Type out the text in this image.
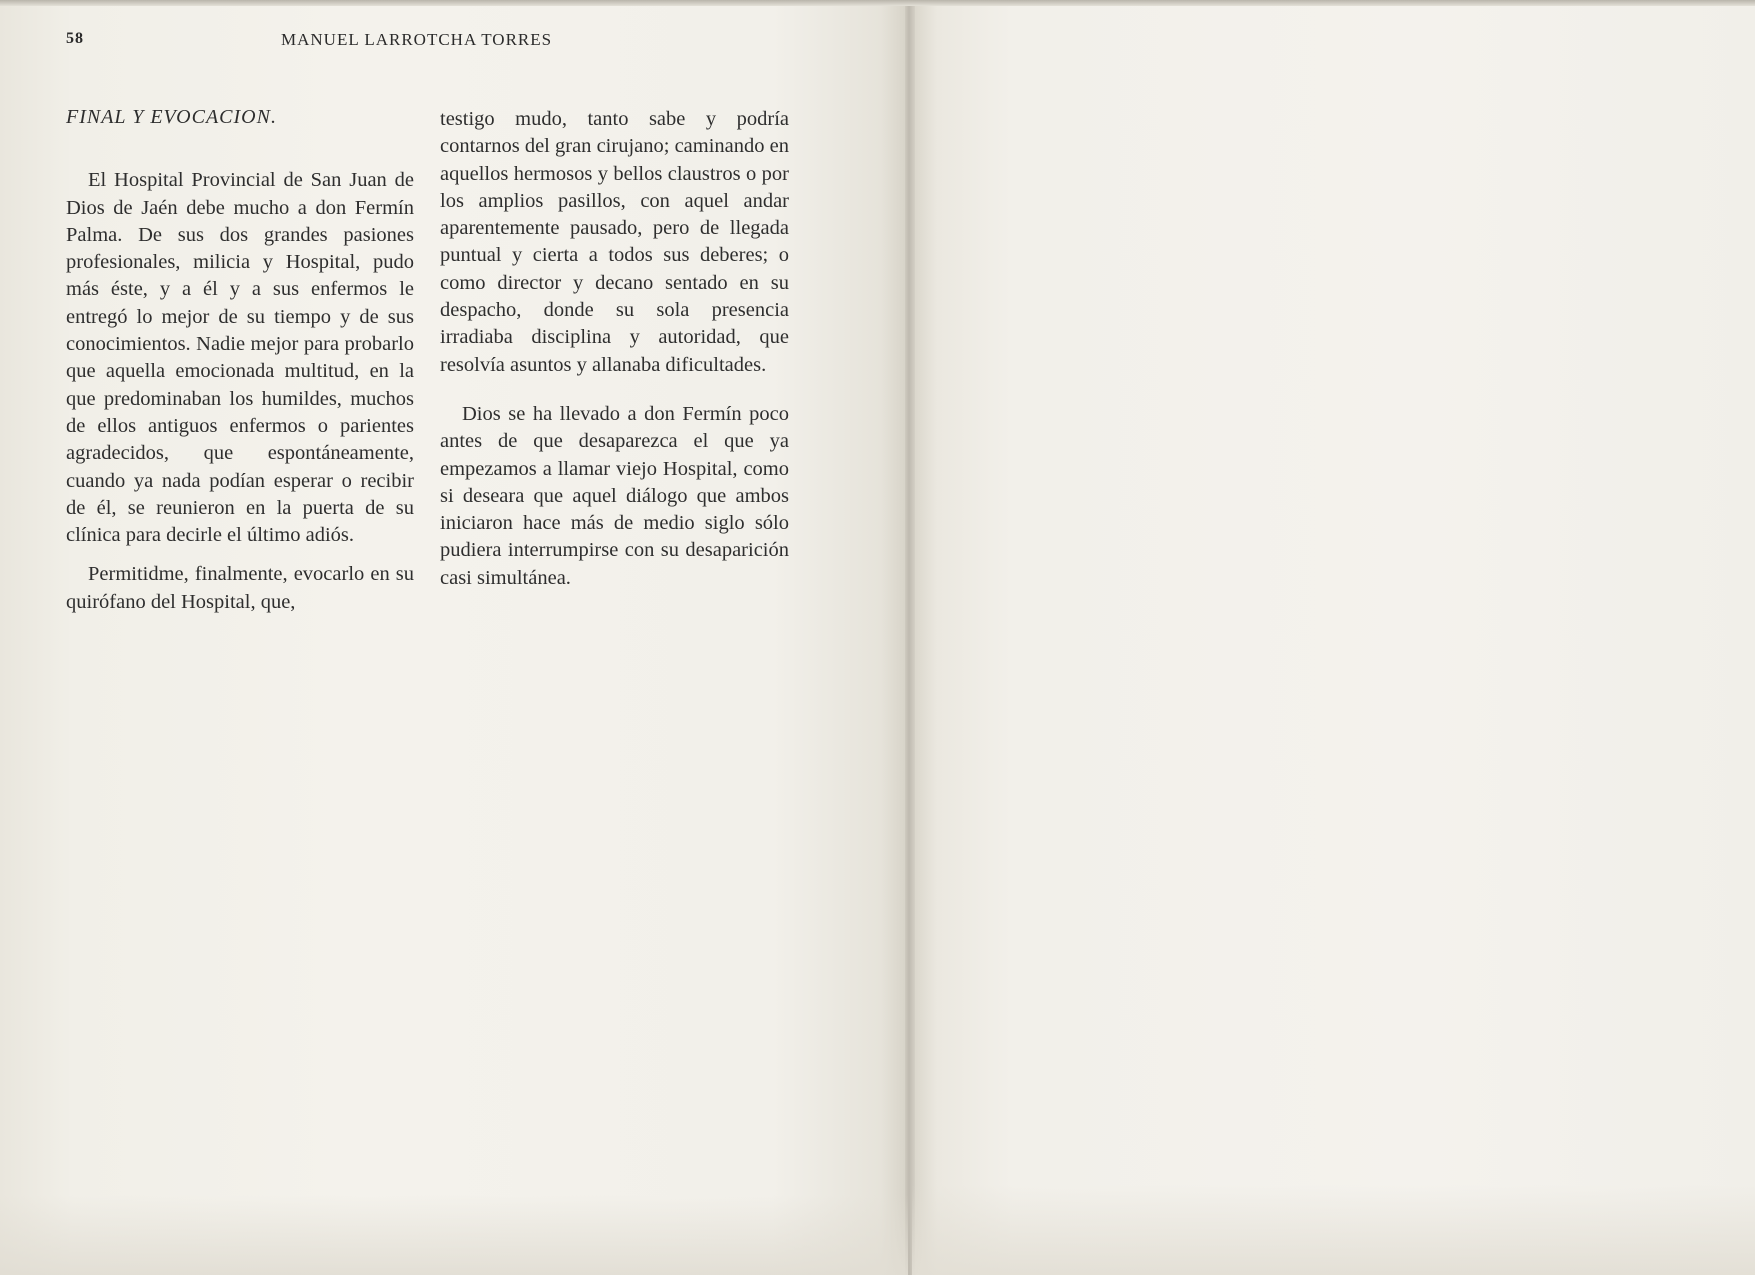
58	MANUEL LARROTCHA TORRES

FINAL Y EVOCACION.

El Hospital Provincial de San Juan de Dios de Jaén debe mucho a don Fermín Palma. De sus dos grandes pasiones profesionales, milicia y Hospital, pudo más éste, y a él y a sus enfermos le entregó lo mejor de su tiempo y de sus conocimientos. Nadie mejor para probarlo que aquella emocionada multitud, en la que predominaban los humildes, muchos de ellos antiguos enfermos o parientes agradecidos, que espontáneamente, cuando ya nada podían esperar o recibir de él, se reunieron en la puerta de su clínica para decirle el último adiós.

Permitidme, finalmente, evocarlo en su quirófano del Hospital, que,

testigo mudo, tanto sabe y podría contarnos del gran cirujano; caminando en aquellos hermosos y bellos claustros o por los amplios pasillos, con aquel andar aparentemente pausado, pero de llegada puntual y cierta a todos sus deberes; o como director y decano sentado en su despacho, donde su sola presencia irradiaba disciplina y autoridad, que resolvía asuntos y allanaba dificultades.

Dios se ha llevado a don Fermín poco antes de que desaparezca el que ya empezamos a llamar viejo Hospital, como si deseara que aquel diálogo que ambos iniciaron hace más de medio siglo sólo pudiera interrumpirse con su desaparición casi simultánea.
